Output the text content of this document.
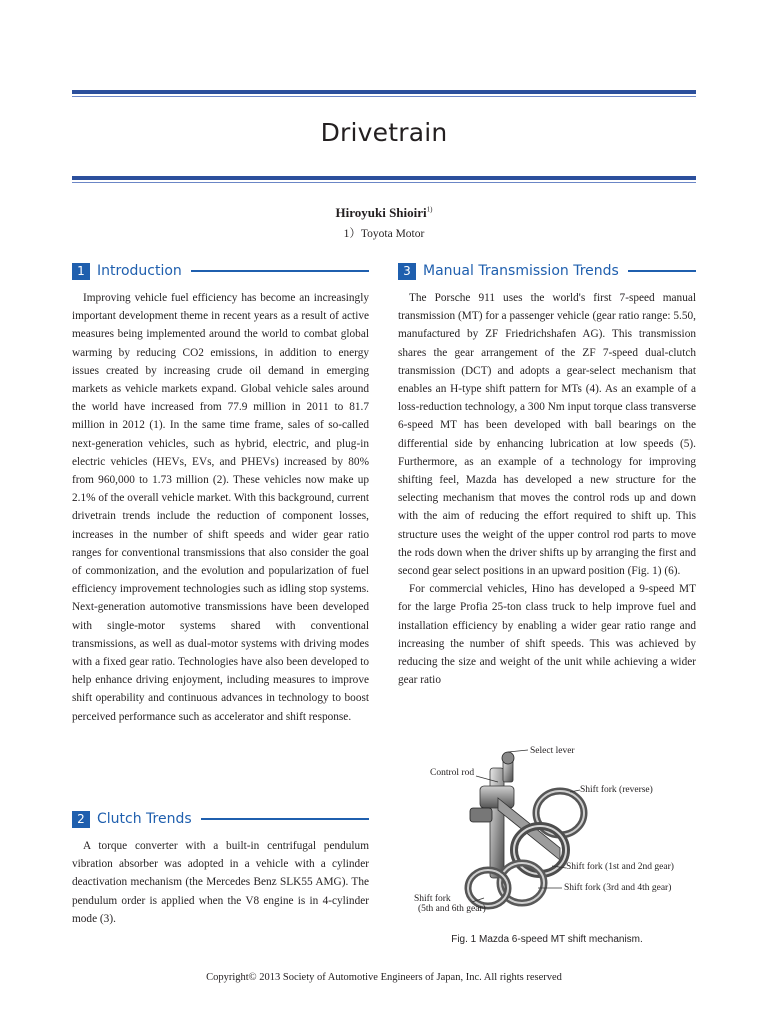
Drivetrain
Hiroyuki Shioiri$^{1)}$
1）Toyota Motor
1 Introduction

Improving vehicle fuel efficiency has become an increasingly important development theme in recent years as a result of active measures being implemented around the world to combat global warming by reducing CO2 emissions, in addition to energy issues created by increasing crude oil demand in emerging markets as vehicle markets expand. Global vehicle sales around the world have increased from 77.9 million in 2011 to 81.7 million in 2012 (1). In the same time frame, sales of so-called next-generation vehicles, such as hybrid, electric, and plug-in electric vehicles (HEVs, EVs, and PHEVs) increased by 80% from 960,000 to 1.73 million (2). These vehicles now make up 2.1% of the overall vehicle market. With this background, current drivetrain trends include the reduction of component losses, increases in the number of shift speeds and wider gear ratio ranges for conventional transmissions that also consider the goal of commonization, and the evolution and popularization of fuel efficiency improvement technologies such as idling stop systems. Next-generation automotive transmissions have been developed with single-motor systems shared with conventional transmissions, as well as dual-motor systems with driving modes with a fixed gear ratio. Technologies have also been developed to help enhance driving enjoyment, including measures to improve shift operability and continuous advances in technology to boost perceived performance such as accelerator and shift response.

2 Clutch Trends

A torque converter with a built-in centrifugal pendulum vibration absorber was adopted in a vehicle with a cylinder deactivation mechanism (the Mercedes Benz SLK55 AMG). The pendulum order is applied when the V8 engine is in 4-cylinder mode (3).

3 Manual Transmission Trends

The Porsche 911 uses the world's first 7-speed manual transmission (MT) for a passenger vehicle (gear ratio range: 5.50, manufactured by ZF Friedrichshafen AG). This transmission shares the gear arrangement of the ZF 7-speed dual-clutch transmission (DCT) and adopts a gear-select mechanism that enables an H-type shift pattern for MTs (4). As an example of a loss-reduction technology, a 300 Nm input torque class transverse 6-speed MT has been developed with ball bearings on the differential side by enhancing lubrication at low speeds (5). Furthermore, as an example of a technology for improving shifting feel, Mazda has developed a new structure for the selecting mechanism that moves the control rods up and down with the aim of reducing the effort required to shift up. This structure uses the weight of the upper control rod parts to move the rods down when the driver shifts up by arranging the first and second gear select positions in an upward position (Fig. 1) (6).

For commercial vehicles, Hino has developed a 9-speed MT for the large Profia 25-ton class truck to help improve fuel and installation efficiency by enabling a wider gear ratio range and increasing the number of shift speeds. This was achieved by reducing the size and weight of the unit while achieving a wider gear ratio

Select lever
Control rod
Shift fork (reverse)
Shift fork (1st and 2nd gear)
Shift fork (3rd and 4th gear)
Shift fork
(5th and 6th gear)
Fig. 1 Mazda 6-speed MT shift mechanism.
Copyright© 2013 Society of Automotive Engineers of Japan, Inc. All rights reserved
